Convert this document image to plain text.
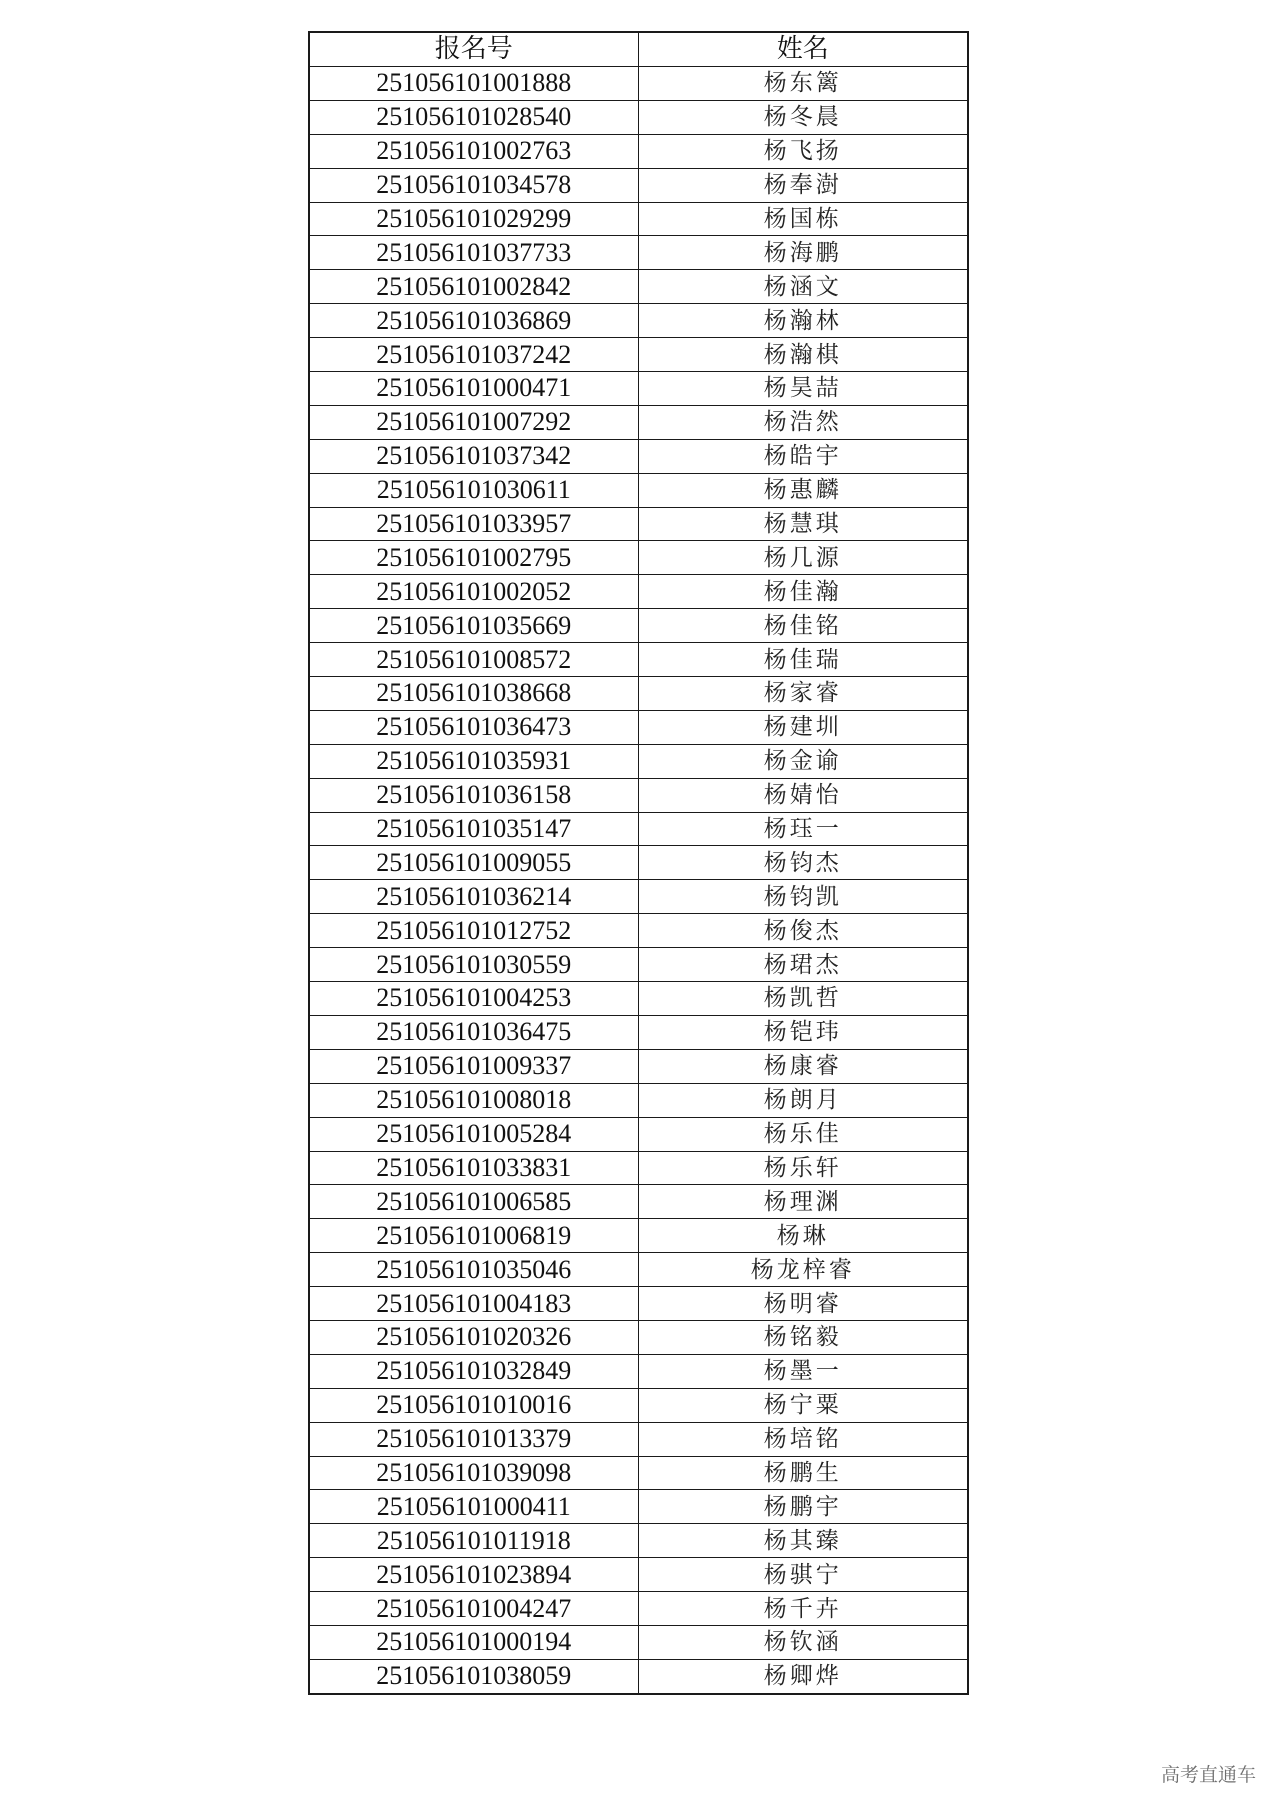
报名号	姓名
251056101001888	杨东篱
251056101028540	杨冬晨
251056101002763	杨飞扬
251056101034578	杨奉澍
251056101029299	杨国栋
251056101037733	杨海鹏
251056101002842	杨涵文
251056101036869	杨瀚林
251056101037242	杨瀚棋
251056101000471	杨昊喆
251056101007292	杨浩然
251056101037342	杨皓宇
251056101030611	杨惠麟
251056101033957	杨慧琪
251056101002795	杨几源
251056101002052	杨佳瀚
251056101035669	杨佳铭
251056101008572	杨佳瑞
251056101038668	杨家睿
251056101036473	杨建圳
251056101035931	杨金谕
251056101036158	杨婧怡
251056101035147	杨珏一
251056101009055	杨钧杰
251056101036214	杨钧凯
251056101012752	杨俊杰
251056101030559	杨珺杰
251056101004253	杨凯哲
251056101036475	杨铠玮
251056101009337	杨康睿
251056101008018	杨朗月
251056101005284	杨乐佳
251056101033831	杨乐轩
251056101006585	杨理渊
251056101006819	杨琳
251056101035046	杨龙梓睿
251056101004183	杨明睿
251056101020326	杨铭毅
251056101032849	杨墨一
251056101010016	杨宁粟
251056101013379	杨培铭
251056101039098	杨鹏生
251056101000411	杨鹏宇
251056101011918	杨其臻
251056101023894	杨骐宁
251056101004247	杨千卉
251056101000194	杨钦涵
251056101038059	杨卿烨
高考直通车
